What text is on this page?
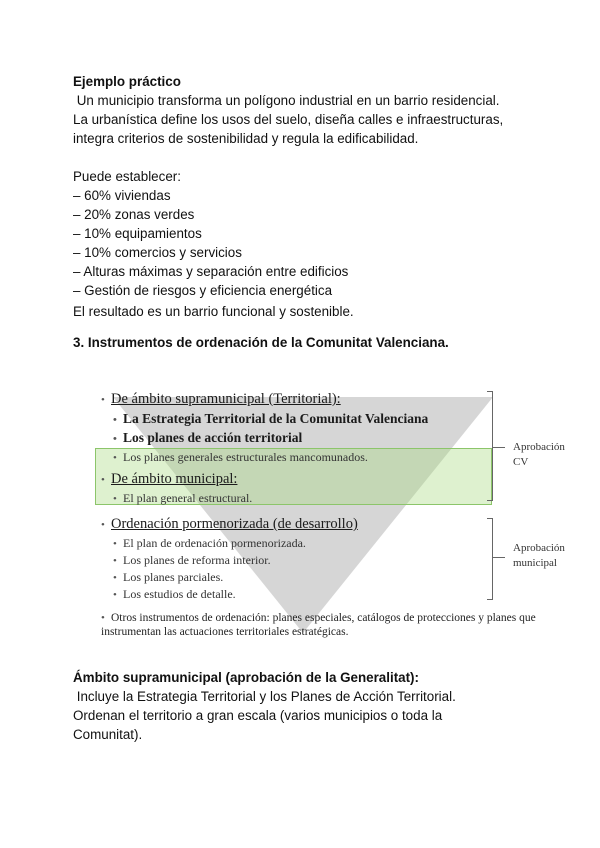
Ejemplo práctico

Un municipio transforma un polígono industrial en un barrio residencial.

La urbanística define los usos del suelo, diseña calles e infraestructuras,

integra criterios de sostenibilidad y regula la edificabilidad.

Puede establecer:

– 60% viviendas

– 20% zonas verdes

– 10% equipamientos

– 10% comercios y servicios

– Alturas máximas y separación entre edificios

– Gestión de riesgos y eficiencia energética

El resultado es un barrio funcional y sostenible.
3. Instrumentos de ordenación de la Comunitat Valenciana.
• De ámbito supramunicipal (Territorial):
• La Estrategia Territorial de la Comunitat Valenciana
• Los planes de acción territorial
• Los planes generales estructurales mancomunados.
• De ámbito municipal:
• El plan general estructural.
• Ordenación pormenorizada (de desarrollo)
• El plan de ordenación pormenorizada.
• Los planes de reforma interior.
• Los planes parciales.
• Los estudios de detalle.
• Otros instrumentos de ordenación: planes especiales, catálogos de protecciones y planes que instrumentan las actuaciones territoriales estratégicas.
Aprobación CV
Aprobación
municipal

Ámbito supramunicipal (aprobación de la Generalitat):

Incluye la Estrategia Territorial y los Planes de Acción Territorial.

Ordenan el territorio a gran escala (varios municipios o toda la

Comunitat).
